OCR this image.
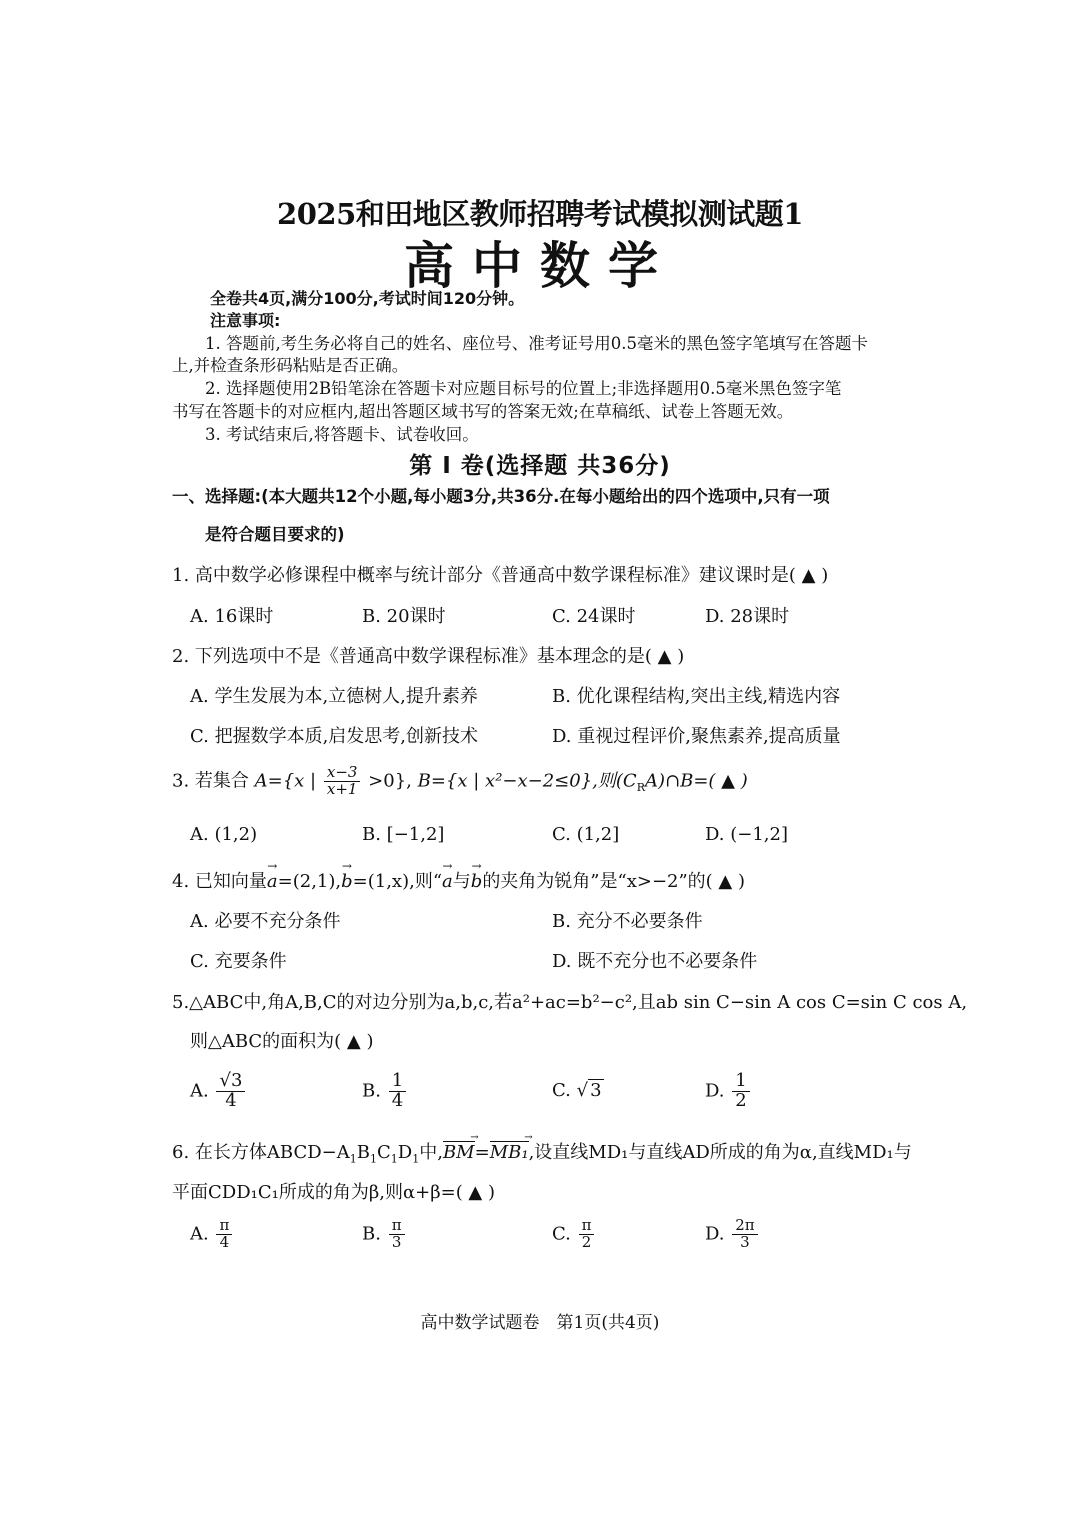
2025和田地区教师招聘考试模拟测试题1
高中数学
全卷共4页,满分100分,考试时间120分钟。
注意事项:
1. 答题前,考生务必将自己的姓名、座位号、准考证号用0.5毫米的黑色签字笔填写在答题卡
上,并检查条形码粘贴是否正确。
2. 选择题使用2B铅笔涂在答题卡对应题目标号的位置上;非选择题用0.5毫米黑色签字笔
书写在答题卡的对应框内,超出答题区域书写的答案无效;在草稿纸、试卷上答题无效。
3. 考试结束后,将答题卡、试卷收回。
第 Ⅰ 卷(选择题 共36分)
一、选择题:(本大题共12个小题,每小题3分,共36分.在每小题给出的四个选项中,只有一项
是符合题目要求的)
1. 高中数学必修课程中概率与统计部分《普通高中数学课程标准》建议课时是( ▲ )
A. 16课时	B. 20课时	C. 24课时	D. 28课时
2. 下列选项中不是《普通高中数学课程标准》基本理念的是( ▲ )
A. 学生发展为本,立德树人,提升素养	B. 优化课程结构,突出主线,精选内容
C. 把握数学本质,启发思考,创新技术	D. 重视过程评价,聚焦素养,提高质量
3. 若集合 A={x | $\frac{x-3}{x+1} >0$}, B={x | x²−x−2≤0},则$(C_RA)\cap B=$( ▲ )
A. (1,2)	B. [−1,2]	C. (1,2]	D. (−1,2]
4. 已知向量→ a=(2,1),→ b=(1,x),则“→ a与→ b的夹角为锐角”是“x>−2”的( ▲ )
A. 必要不充分条件	B. 充分不必要条件
C. 充要条件	D. 既不充分也不必要条件
5.△ABC中,角A,B,C的对边分别为a,b,c,若a²+ac=b²−c²,且ab sin C−sin A cos C=sin C cos A,
则△ABC的面积为( ▲ )
A. $\frac{√3}{4}$	B. $\frac{1}{4}$	C. √ 3	D. $\frac{1}{2}$
6. 在长方体$ABCD-A_1B_1C_1D_1$中,BM →=MB₁ →,设直线MD₁与直线AD所成的角为α,直线MD₁与
平面CDD₁C₁所成的角为β,则α+β=( ▲ )
A. $\frac{\pi}{4}$	B. $\frac{\pi}{3}$	C. $\frac{\pi}{2}$	D. $\frac{2\pi}{3}$
高中数学试题卷　第1页(共4页)
